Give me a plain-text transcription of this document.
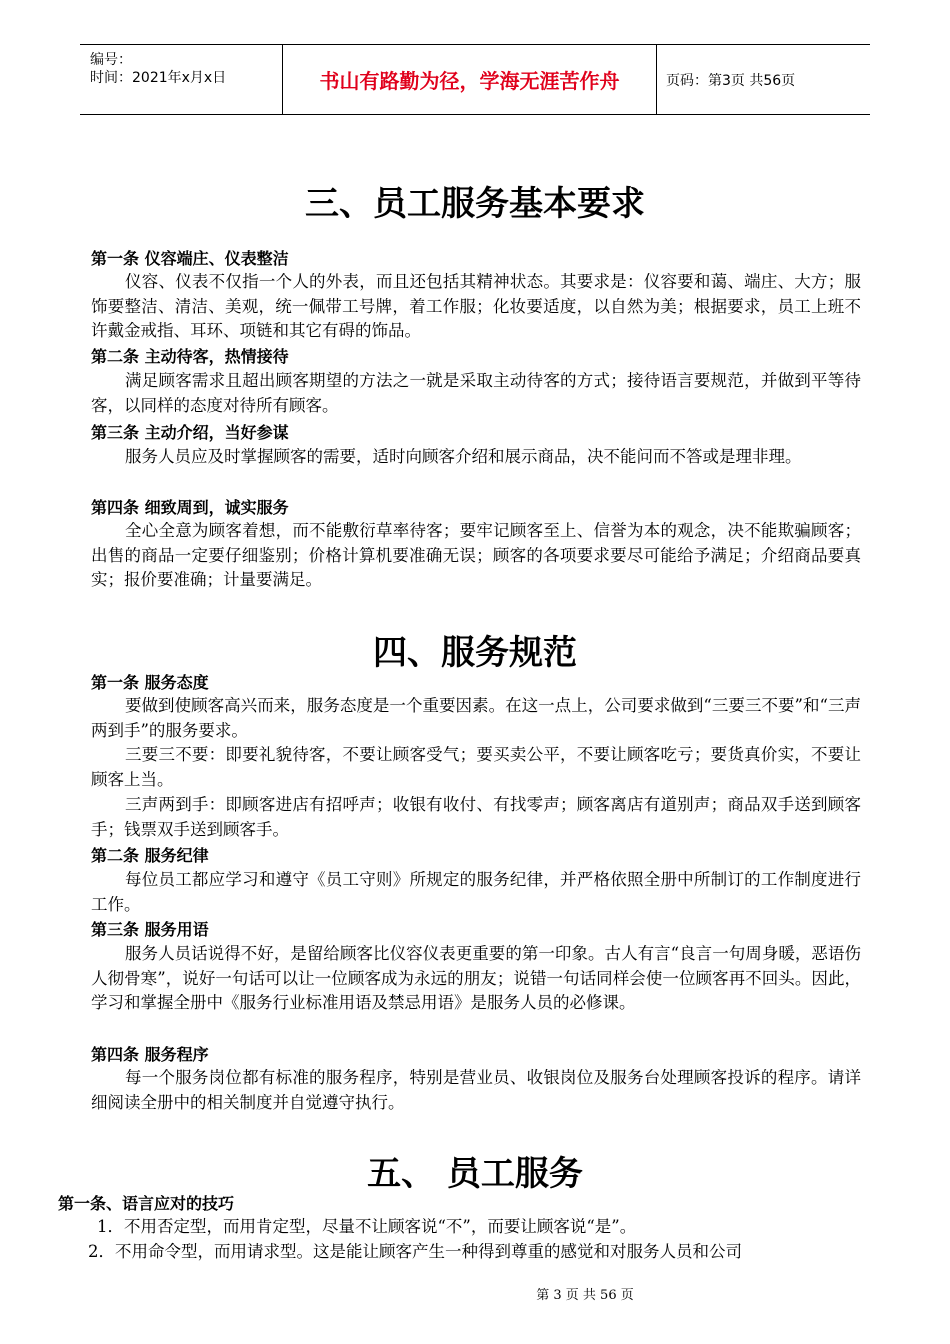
编号：
时间：2021年x月x日	书山有路勤为径，学海无涯苦作舟	页码：第3页 共56页
三、员工服务基本要求
第一条 仪容端庄、仪表整洁
仪容、仪表不仅指一个人的外表，而且还包括其精神状态。其要求是：仪容要和蔼、端庄、大方；服饰要整洁、清洁、美观，统一佩带工号牌，着工作服；化妆要适度，以自然为美；根据要求，员工上班不许戴金戒指、耳环、项链和其它有碍的饰品。
第二条 主动待客，热情接待
满足顾客需求且超出顾客期望的方法之一就是采取主动待客的方式；接待语言要规范，并做到平等待客，以同样的态度对待所有顾客。
第三条 主动介绍，当好参谋
服务人员应及时掌握顾客的需要，适时向顾客介绍和展示商品，决不能问而不答或是理非理。
第四条 细致周到，诚实服务
全心全意为顾客着想，而不能敷衍草率待客；要牢记顾客至上、信誉为本的观念，决不能欺骗顾客；出售的商品一定要仔细鉴别；价格计算机要准确无误；顾客的各项要求要尽可能给予满足；介绍商品要真实；报价要准确；计量要满足。
四、服务规范
第一条 服务态度
要做到使顾客高兴而来，服务态度是一个重要因素。在这一点上，公司要求做到“三要三不要”和“三声两到手”的服务要求。
三要三不要：即要礼貌待客，不要让顾客受气；要买卖公平，不要让顾客吃亏；要货真价实，不要让顾客上当。
三声两到手：即顾客进店有招呼声；收银有收付、有找零声；顾客离店有道别声；商品双手送到顾客手；钱票双手送到顾客手。
第二条 服务纪律
每位员工都应学习和遵守《员工守则》所规定的服务纪律，并严格依照全册中所制订的工作制度进行工作。
第三条 服务用语
服务人员话说得不好，是留给顾客比仪容仪表更重要的第一印象。古人有言“良言一句周身暖，恶语伤人彻骨寒”，说好一句话可以让一位顾客成为永远的朋友；说错一句话同样会使一位顾客再不回头。因此，学习和掌握全册中《服务行业标准用语及禁忌用语》是服务人员的必修课。
第四条 服务程序
每一个服务岗位都有标准的服务程序，特别是营业员、收银岗位及服务台处理顾客投诉的程序。请详细阅读全册中的相关制度并自觉遵守执行。
五、 员工服务
第一条、语言应对的技巧
1．不用否定型，而用肯定型，尽量不让顾客说“不”，而要让顾客说“是”。
2．不用命令型，而用请求型。这是能让顾客产生一种得到尊重的感觉和对服务人员和公司
第 3 页 共 56 页
